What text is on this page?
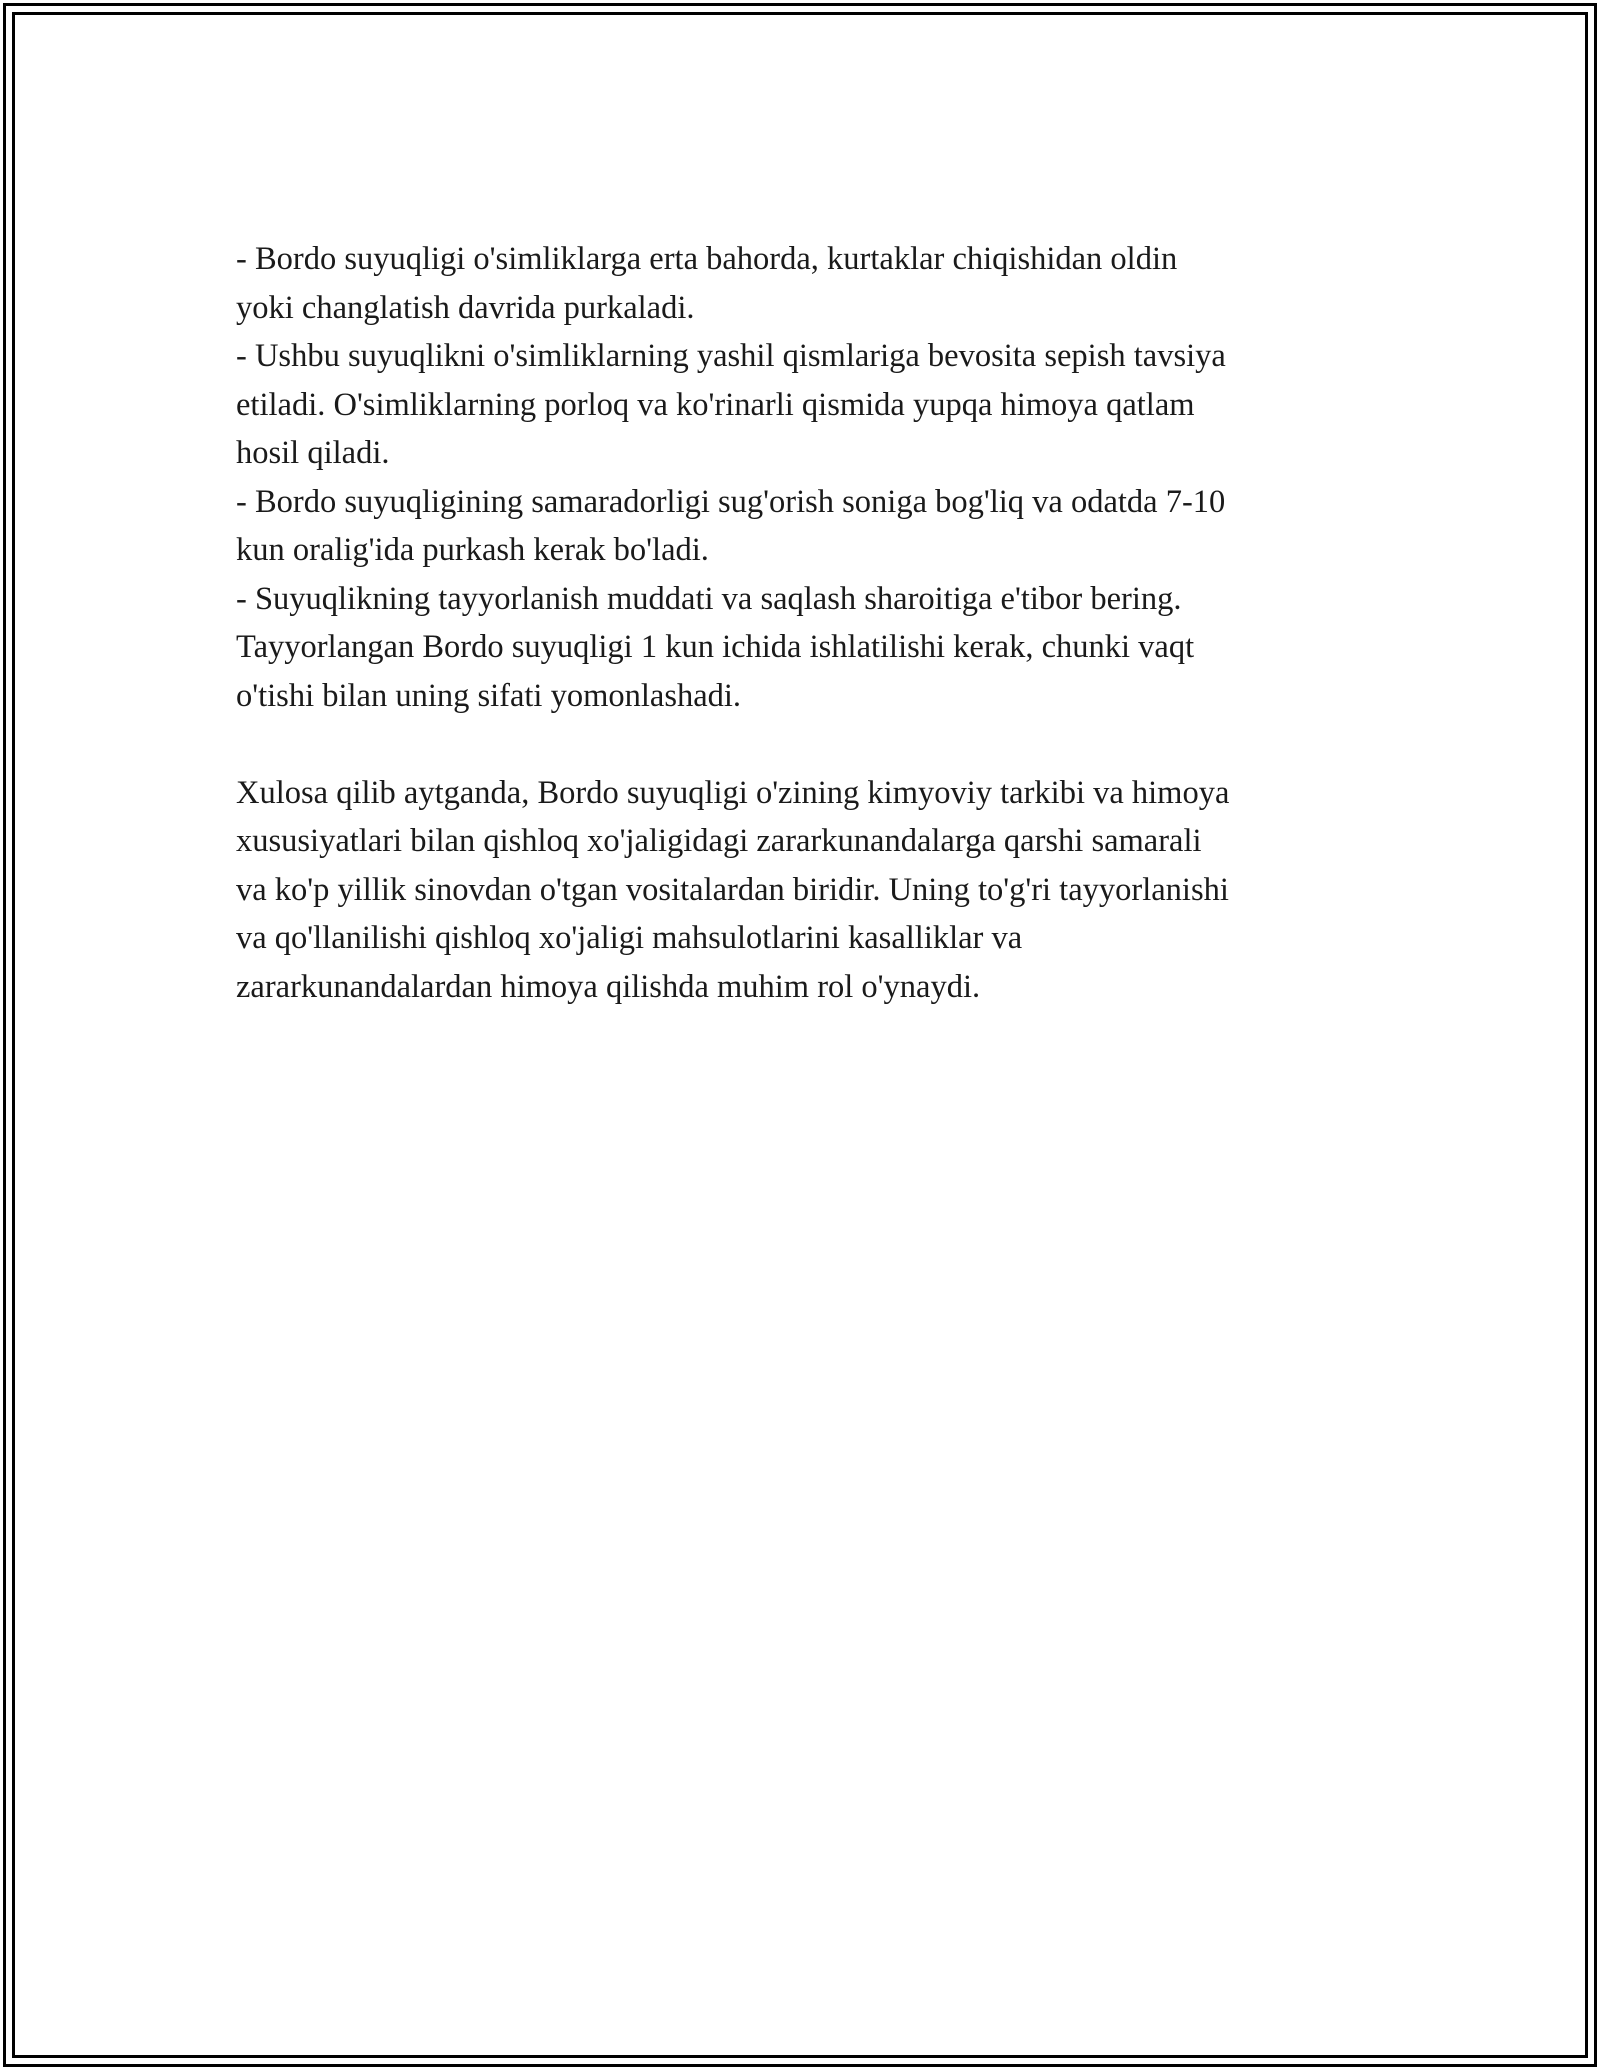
- Bordo suyuqligi o'simliklarga erta bahorda, kurtaklar chiqishidan oldin
yoki changlatish davrida purkaladi.
- Ushbu suyuqlikni o'simliklarning yashil qismlariga bevosita sepish tavsiya
etiladi. O'simliklarning porloq va ko'rinarli qismida yupqa himoya qatlam
hosil qiladi.
- Bordo suyuqligining samaradorligi sug'orish soniga bog'liq va odatda 7-10
kun oralig'ida purkash kerak bo'ladi.
- Suyuqlikning tayyorlanish muddati va saqlash sharoitiga e'tibor bering.
Tayyorlangan Bordo suyuqligi 1 kun ichida ishlatilishi kerak, chunki vaqt
o'tishi bilan uning sifati yomonlashadi.

Xulosa qilib aytganda, Bordo suyuqligi o'zining kimyoviy tarkibi va himoya
xususiyatlari bilan qishloq xo'jaligidagi zararkunandalarga qarshi samarali
va ko'p yillik sinovdan o'tgan vositalardan biridir. Uning to'g'ri tayyorlanishi
va qo'llanilishi qishloq xo'jaligi mahsulotlarini kasalliklar va
zararkunandalardan himoya qilishda muhim rol o'ynaydi.
